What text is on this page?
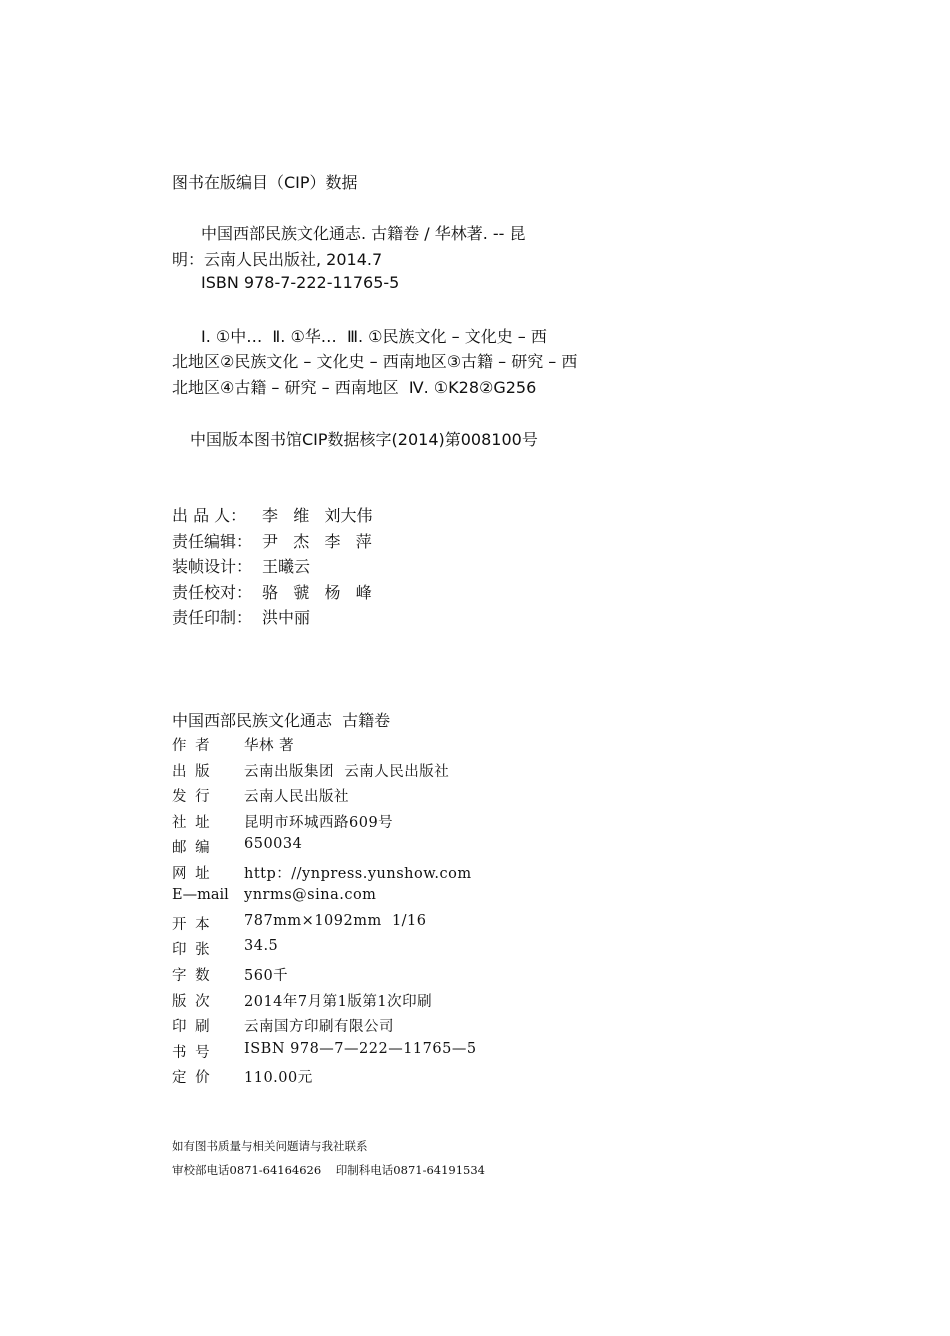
图书在版编目（CIP）数据
中国西部民族文化通志. 古籍卷 / 华林著. -- 昆
明：云南人民出版社, 2014.7
ISBN 978-7-222-11765-5
Ⅰ. ①中…  Ⅱ. ①华…  Ⅲ. ①民族文化 – 文化史 – 西
北地区②民族文化 – 文化史 – 西南地区③古籍 – 研究 – 西
北地区④古籍 – 研究 – 西南地区  Ⅳ. ①K28②G256
中国版本图书馆CIP数据核字(2014)第008100号
出 品 人： 李   维   刘大伟
责任编辑： 尹   杰   李   萍
装帧设计： 王曦云
责任校对： 骆   虢   杨   峰
责任印制： 洪中丽
中国西部民族文化通志  古籍卷
作 者 华林 著
出 版 云南出版集团  云南人民出版社
发 行 云南人民出版社
社 址 昆明市环城西路609号
邮 编 650034
网 址 http：//ynpress.yunshow.com
E—mail ynrms@sina.com
开 本 787mm×1092mm  1/16
印 张 34.5
字 数 560千
版 次 2014年7月第1版第1次印刷
印 刷 云南国方印刷有限公司
书 号 ISBN 978—7—222—11765—5
定 价 110.00元
如有图书质量与相关问题请与我社联系
审校部电话0871-64164626    印制科电话0871-64191534
